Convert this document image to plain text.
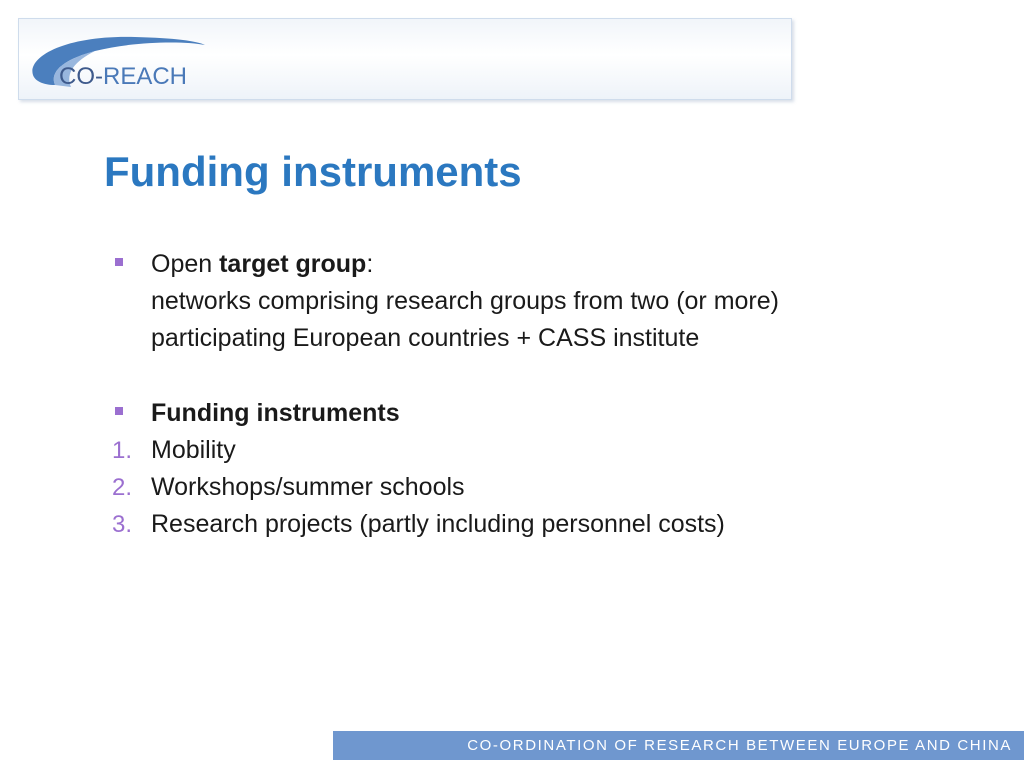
CO-REACH
Funding instruments
Open target group:
networks comprising research groups from two (or more)
participating European countries + CASS institute
Funding instruments
1. Mobility
2. Workshops/summer schools
3. Research projects (partly including personnel costs)
CO-ORDINATION OF RESEARCH BETWEEN EUROPE AND CHINA
